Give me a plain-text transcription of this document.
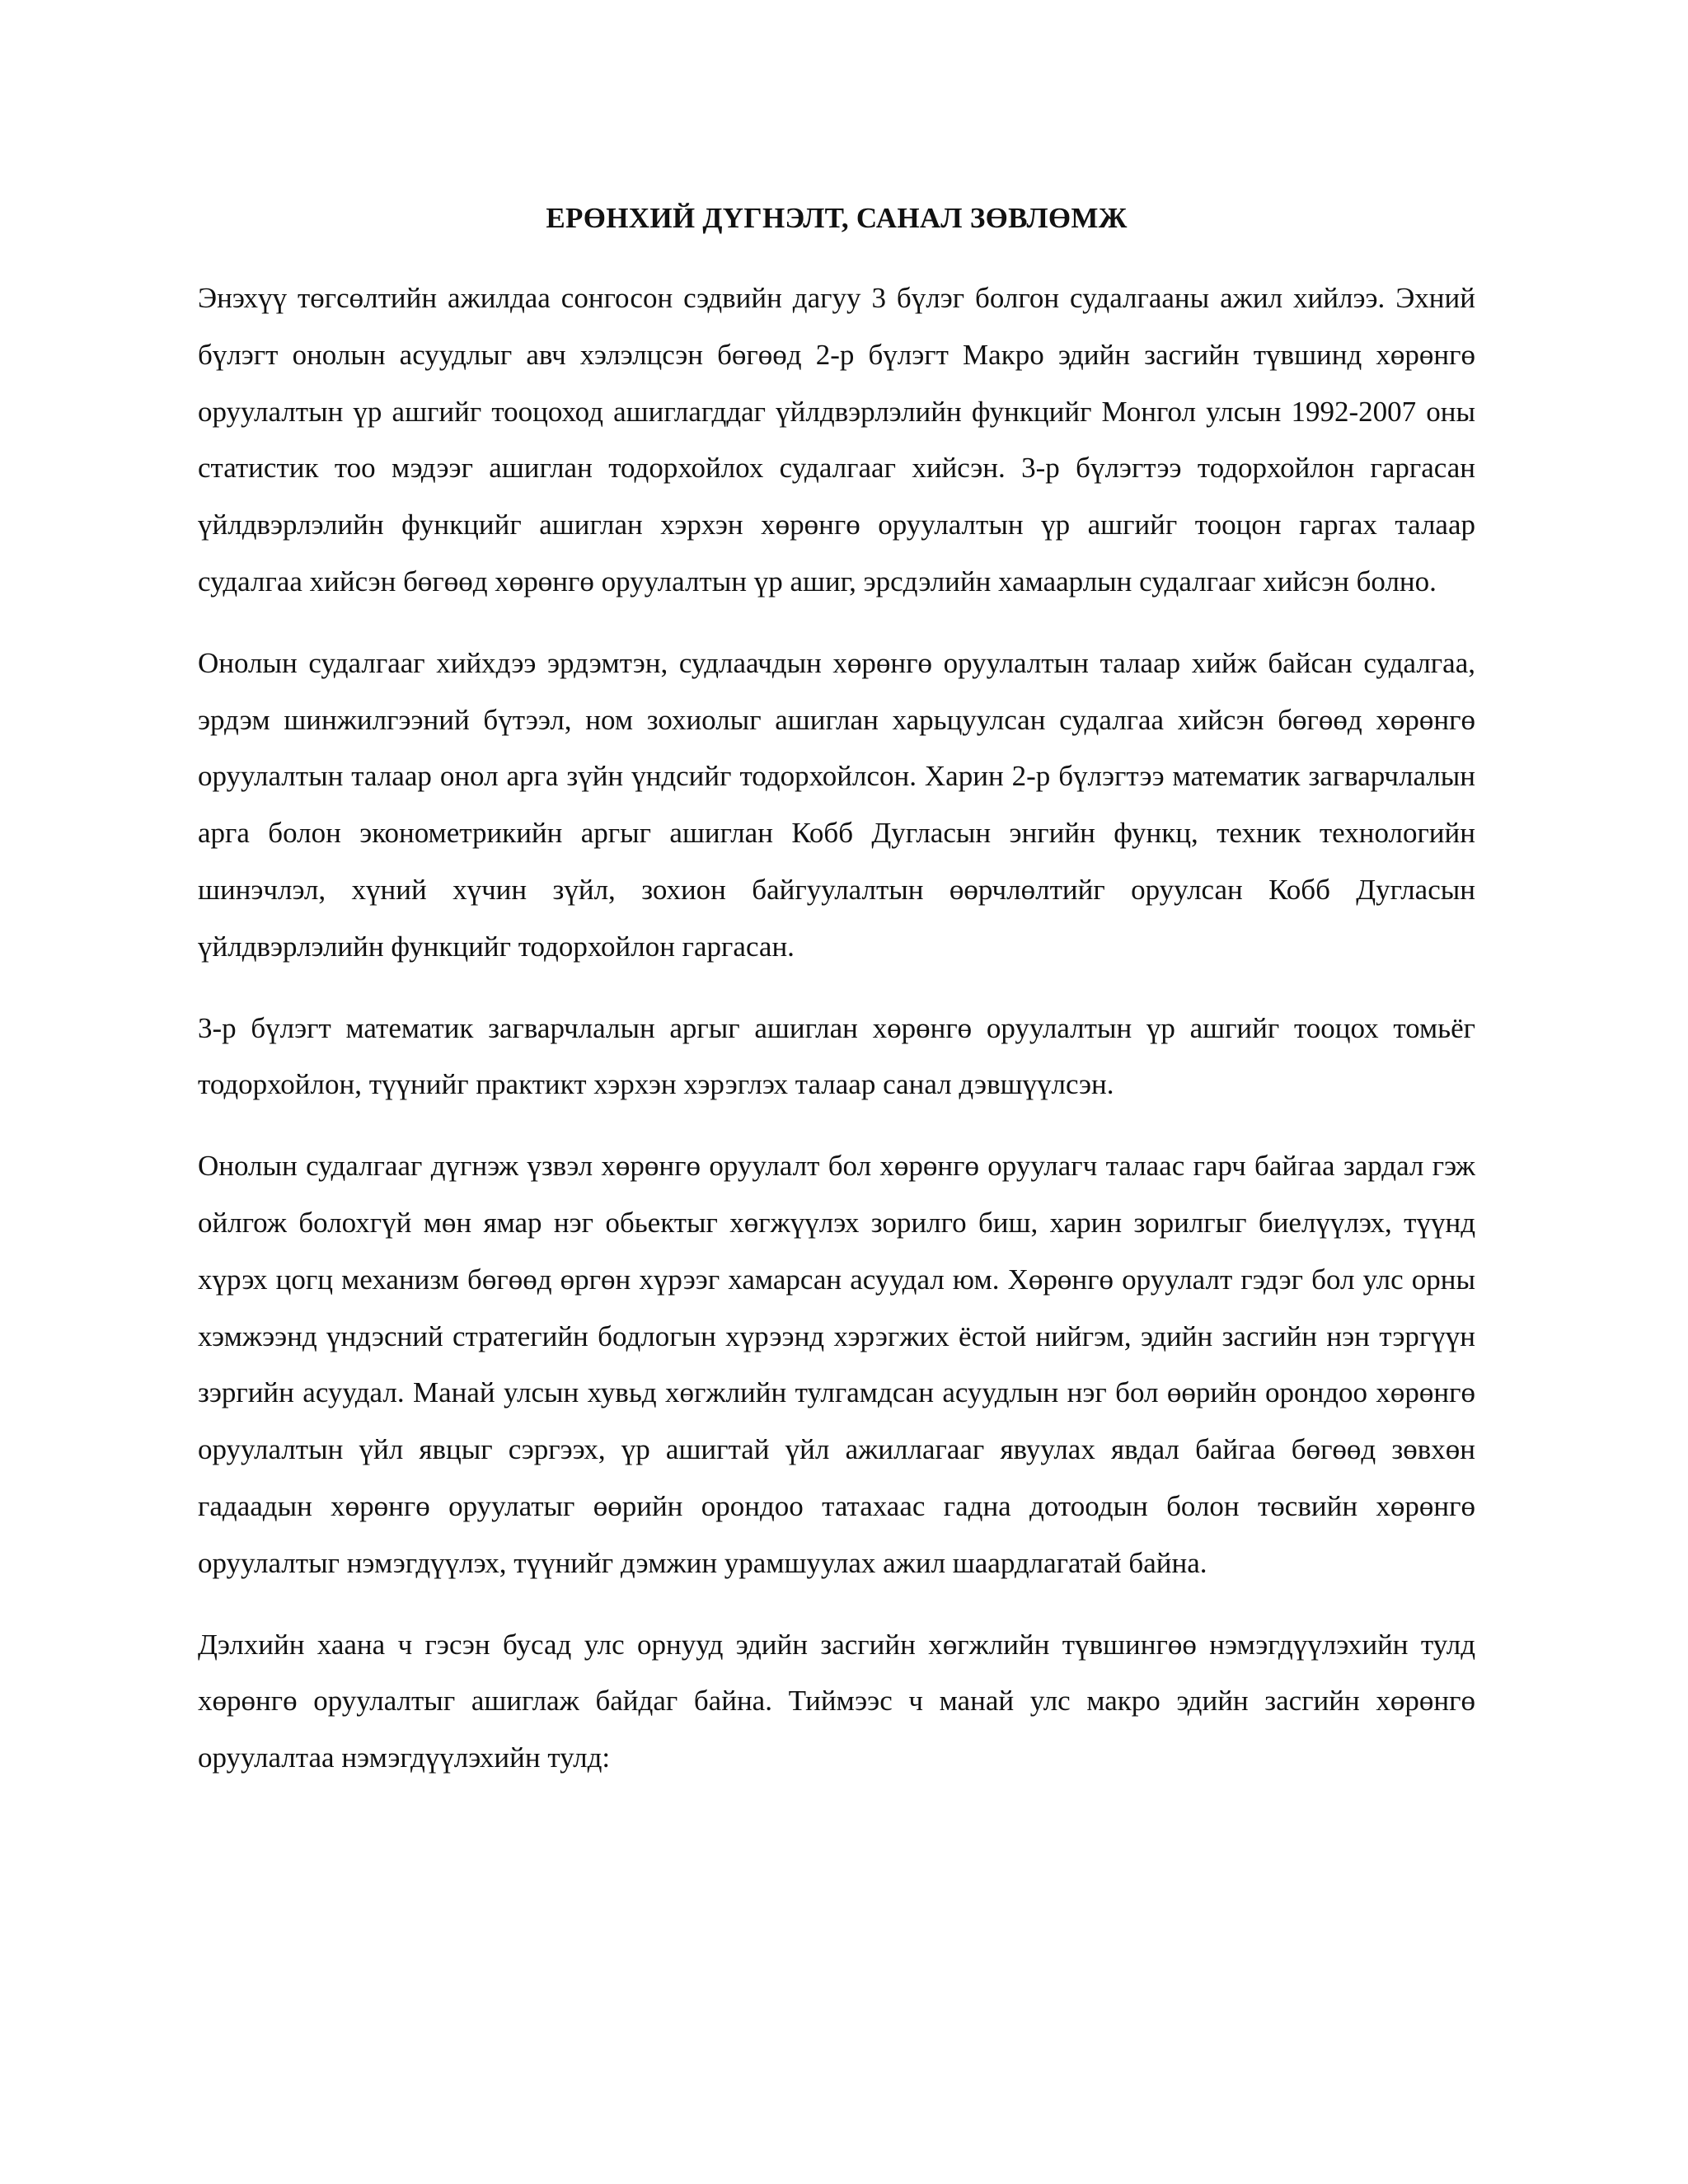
ЕРӨНХИЙ ДҮГНЭЛТ, САНАЛ ЗӨВЛӨМЖ

Энэхүү төгсөлтийн ажилдаа сонгосон сэдвийн дагуу 3 бүлэг болгон судалгааны ажил хийлээ. Эхний бүлэгт онолын асуудлыг авч хэлэлцсэн бөгөөд 2-р бүлэгт Макро эдийн засгийн түвшинд хөрөнгө оруулалтын үр ашгийг тооцоход ашиглагддаг үйлдвэрлэлийн функцийг Монгол улсын 1992-2007 оны статистик тоо мэдээг ашиглан тодорхойлох судалгааг хийсэн. 3-р бүлэгтээ тодорхойлон гаргасан үйлдвэрлэлийн функцийг ашиглан хэрхэн хөрөнгө оруулалтын үр ашгийг тооцон гаргах талаар судалгаа хийсэн бөгөөд хөрөнгө оруулалтын үр ашиг, эрсдэлийн хамаарлын судалгааг хийсэн болно.

Онолын судалгааг хийхдээ эрдэмтэн, судлаачдын хөрөнгө оруулалтын талаар хийж байсан судалгаа, эрдэм шинжилгээний бүтээл, ном зохиолыг ашиглан харьцуулсан судалгаа хийсэн бөгөөд хөрөнгө оруулалтын талаар онол арга зүйн үндсийг тодорхойлсон. Харин 2-р бүлэгтээ математик загварчлалын арга болон эконометрикийн аргыг ашиглан Кобб Дугласын энгийн функц, техник технологийн шинэчлэл, хүний хүчин зүйл, зохион байгуулалтын өөрчлөлтийг оруулсан Кобб Дугласын үйлдвэрлэлийн функцийг тодорхойлон гаргасан.

3-р бүлэгт математик загварчлалын аргыг ашиглан хөрөнгө оруулалтын үр ашгийг тооцох томьёг тодорхойлон, түүнийг практикт хэрхэн хэрэглэх талаар санал дэвшүүлсэн.

Онолын судалгааг дүгнэж үзвэл хөрөнгө оруулалт бол хөрөнгө оруулагч талаас гарч байгаа зардал гэж ойлгож болохгүй мөн ямар нэг обьектыг хөгжүүлэх зорилго биш, харин зорилгыг биелүүлэх, түүнд хүрэх цогц механизм бөгөөд өргөн хүрээг хамарсан асуудал юм. Хөрөнгө оруулалт гэдэг бол улс орны хэмжээнд үндэсний стратегийн бодлогын хүрээнд хэрэгжих ёстой нийгэм, эдийн засгийн нэн тэргүүн зэргийн асуудал. Манай улсын хувьд хөгжлийн тулгамдсан асуудлын нэг бол өөрийн орондоо хөрөнгө оруулалтын үйл явцыг сэргээх, үр ашигтай үйл ажиллагааг явуулах явдал байгаа бөгөөд зөвхөн гадаадын хөрөнгө оруулатыг өөрийн орондоо татахаас гадна дотоодын болон төсвийн хөрөнгө оруулалтыг нэмэгдүүлэх, түүнийг дэмжин урамшуулах ажил шаардлагатай байна.

Дэлхийн хаана ч гэсэн бусад улс орнууд эдийн засгийн хөгжлийн түвшингөө нэмэгдүүлэхийн тулд хөрөнгө оруулалтыг ашиглаж байдаг байна. Тиймээс ч манай улс макро эдийн засгийн хөрөнгө оруулалтаа нэмэгдүүлэхийн тулд:
